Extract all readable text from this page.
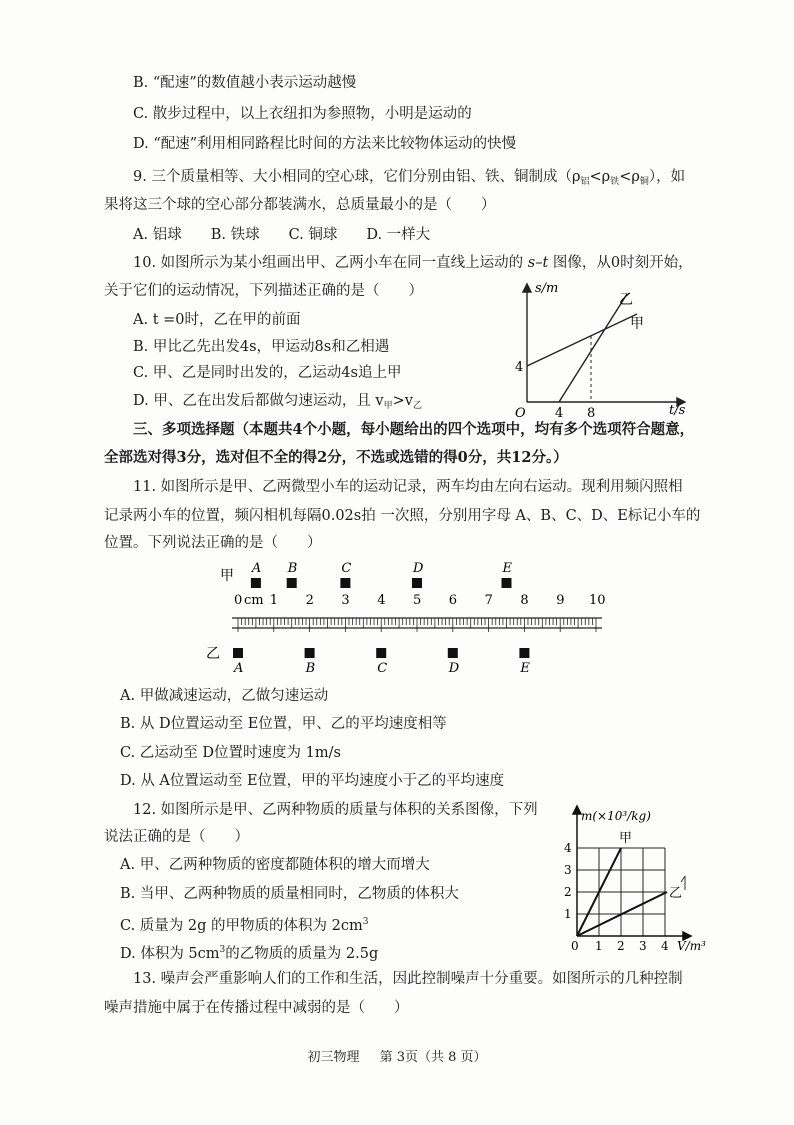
B. “配速”的数值越小表示运动越慢
C. 散步过程中，以上衣纽扣为参照物，小明是运动的
D. “配速”利用相同路程比时间的方法来比较物体运动的快慢
9. 三个质量相等、大小相同的空心球，它们分别由铝、铁、铜制成$(\rho_铝<\rho_铁<\rho_铜)$，如
果将这三个球的空心部分都装满水，总质量最小的是（　　）
A. 铝球　　B. 铁球　　C. 铜球　　D. 一样大
10. 如图所示为某小组画出甲、乙两小车在同一直线上运动的 s–t 图像，从0时刻开始，
关于它们的运动情况，下列描述正确的是（　　）
A. t =0时，乙在甲的前面
B. 甲比乙先出发4s，甲运动8s和乙相遇
C. 甲、乙是同时出发的，乙运动4s追上甲
D. 甲、乙在出发后都做匀速运动，且 $v_甲>v_乙$
s/m
t/s
O
4
4 8
甲
乙
三、多项选择题（本题共4个小题，每小题给出的四个选项中，均有多个选项符合题意，
全部选对得3分，选对但不全的得2分，不选或选错的得0分，共12分。）
11. 如图所示是甲、乙两微型小车的运动记录，两车均由左向右运动。现利用频闪照相
记录两小车的位置，频闪相机每隔0.02s拍 一次照，分别用字母 A、B、C、D、E标记小车的
位置。下列说法正确的是（　　）
甲
乙
cm
0 1 2 3 4 5 6 7 8 9 10
A B	C	D	E
A	B	C	D	E
A. 甲做减速运动，乙做匀速运动
B. 从 D位置运动至 E位置，甲、乙的平均速度相等
C. 乙运动至 D位置时速度为 1m/s
D. 从 A位置运动至 E位置，甲的平均速度小于乙的平均速度
12. 如图所示是甲、乙两种物质的质量与体积的关系图像，下列
说法正确的是（　　）
A. 甲、乙两种物质的密度都随体积的增大而增大
B. 当甲、乙两种物质的质量相同时，乙物质的体积大
C. 质量为 2g 的甲物质的体积为 $2cm^3$
D. 体积为 $5cm^3$的乙物质的质量为 2.5g
m(×10³/kg)
V/m³
0 1 2 3 4
1
2
3
4
甲
乙
13. 噪声会严重影响人们的工作和生活，因此控制噪声十分重要。如图所示的几种控制
噪声措施中属于在传播过程中减弱的是（　　）
初三物理 第 3页（共 8 页）
